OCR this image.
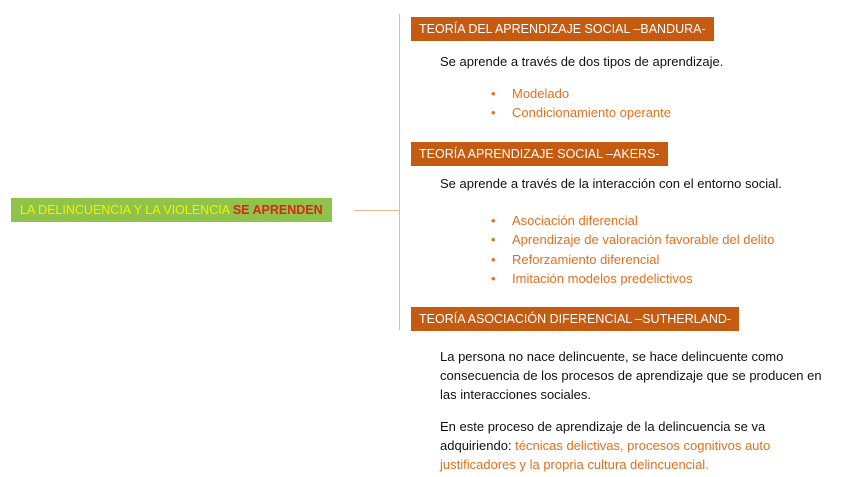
LA DELINCUENCIA Y LA VIOLENCIA SE APRENDEN
TEORÍA DEL APRENDIZAJE SOCIAL –BANDURA-
Se aprende a través de dos tipos de aprendizaje.
• Modelado
• Condicionamiento operante
TEORÍA APRENDIZAJE SOCIAL –AKERS-
Se aprende a través de la interacción con el entorno social.
• Asociación diferencial
• Aprendizaje de valoración favorable del delito
• Reforzamiento diferencial
• Imitación modelos predelictivos
TEORÍA ASOCIACIÓN DIFERENCIAL –SUTHERLAND-
La persona no nace delincuente, se hace delincuente como consecuencia de los procesos de aprendizaje que se producen en las interacciones sociales.
En este proceso de aprendizaje de la delincuencia se va adquiriendo: técnicas delictivas, procesos cognitivos auto justificadores y la propria cultura delincuencial.
